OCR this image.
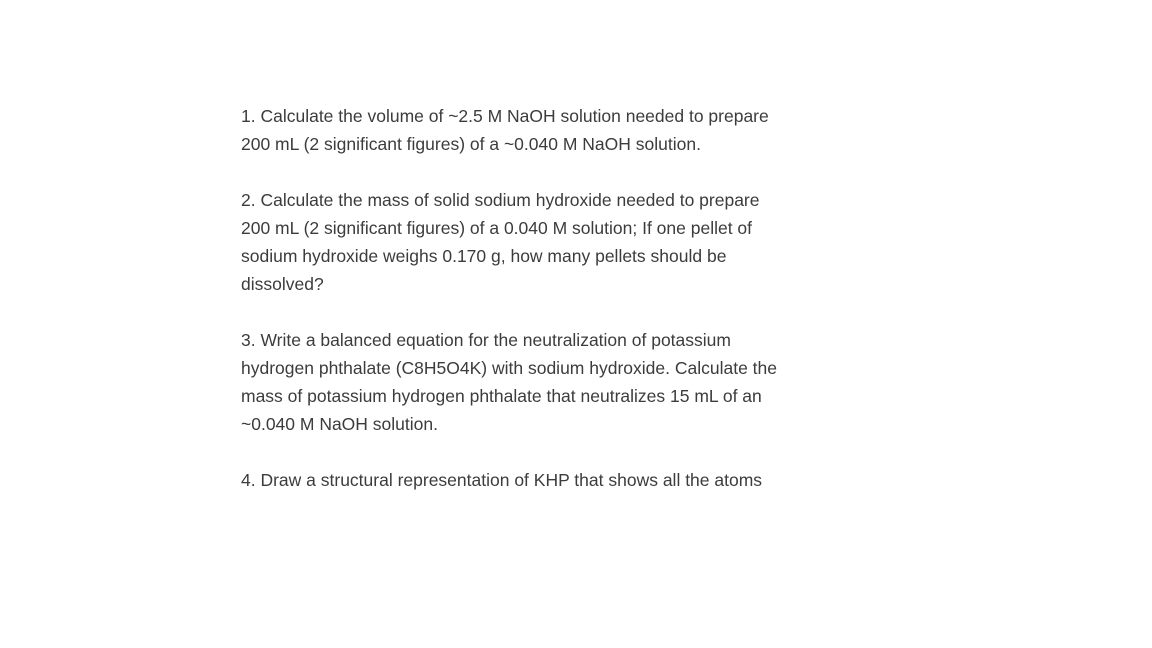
1. Calculate the volume of ~2.5 M NaOH solution needed to prepare
200 mL (2 significant figures) of a ~0.040 M NaOH solution.
2. Calculate the mass of solid sodium hydroxide needed to prepare
200 mL (2 significant figures) of a 0.040 M solution; If one pellet of
sodium hydroxide weighs 0.170 g, how many pellets should be
dissolved?
3. Write a balanced equation for the neutralization of potassium
hydrogen phthalate (C8H5O4K) with sodium hydroxide. Calculate the
mass of potassium hydrogen phthalate that neutralizes 15 mL of an
~0.040 M NaOH solution.
4. Draw a structural representation of KHP that shows all the atoms
